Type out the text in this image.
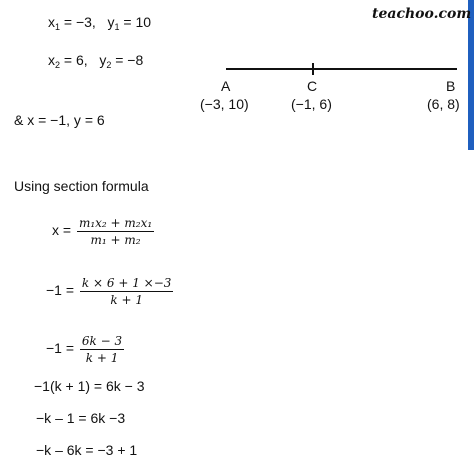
teachoo.com
$x_1 = -3$, $y_1 = 10$
$x_2 = 6$, $y_2 = -8$
& x = −1, y = 6
A
(−3, 10)
C
(−1, 6)
B
(6, 8)
Using section formula
$x = \frac{\text{m₁x₂ + m₂x₁}}{\text{m₁ + m₂}}$
$-1 = \frac{k \times 6 + 1 \times-3}{k + 1}$
$-1 = \frac{6k - 3}{k + 1}$
−1(k + 1) = 6k − 3
−k – 1 = 6k −3
−k – 6k = −3 + 1
